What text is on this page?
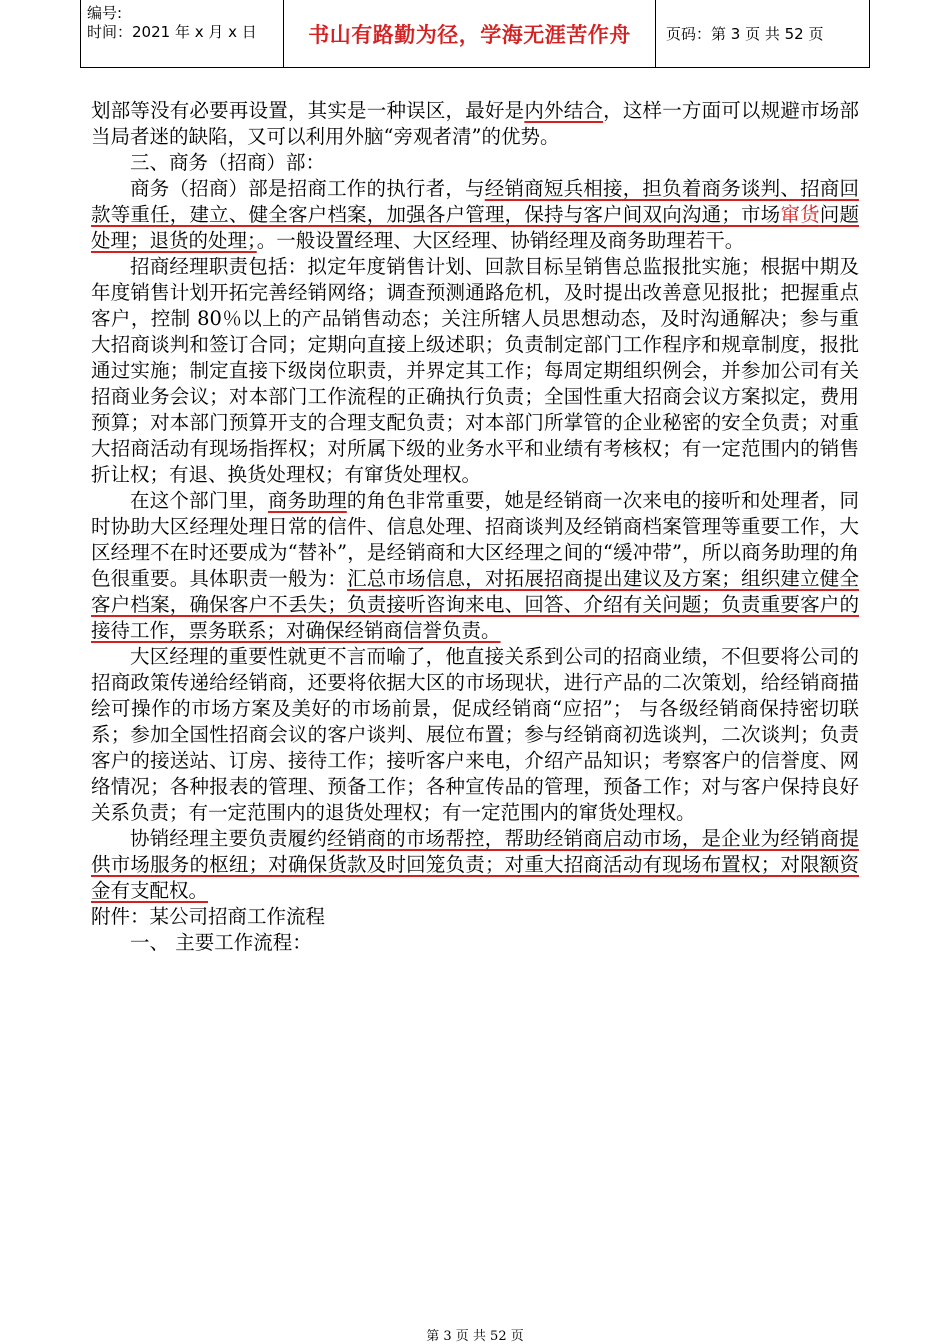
编号:
时间：2021 年 x 月 x 日	书山有路勤为径，学海无涯苦作舟 页码：第 3 页 共 52 页

划部等没有必要再设置，其实是一种误区，最好是内外结合，这样一方面可以规避市场部当局者迷的缺陷，又可以利用外脑“旁观者清”的优势。

三、商务（招商）部：

商务（招商）部是招商工作的执行者，与经销商短兵相接，担负着商务谈判、招商回款等重任，建立、健全客户档案，加强各户管理，保持与客户间双向沟通；市场窜货问题处理；退货的处理；。一般设置经理、大区经理、协销经理及商务助理若干。

招商经理职责包括：拟定年度销售计划、回款目标呈销售总监报批实施；根据中期及年度销售计划开拓完善经销网络；调查预测通路危机，及时提出改善意见报批；把握重点客户，控制 80％以上的产品销售动态；关注所辖人员思想动态，及时沟通解决；参与重大招商谈判和签订合同；定期向直接上级述职；负责制定部门工作程序和规章制度，报批通过实施；制定直接下级岗位职责，并界定其工作；每周定期组织例会，并参加公司有关招商业务会议；对本部门工作流程的正确执行负责；全国性重大招商会议方案拟定，费用预算；对本部门预算开支的合理支配负责；对本部门所掌管的企业秘密的安全负责；对重大招商活动有现场指挥权；对所属下级的业务水平和业绩有考核权；有一定范围内的销售折让权；有退、换货处理权；有窜货处理权。

在这个部门里，商务助理的角色非常重要，她是经销商一次来电的接听和处理者，同时协助大区经理处理日常的信件、信息处理、招商谈判及经销商档案管理等重要工作，大区经理不在时还要成为“替补”，是经销商和大区经理之间的“缓冲带”，所以商务助理的角色很重要。具体职责一般为：汇总市场信息，对拓展招商提出建议及方案；组织建立健全客户档案，确保客户不丢失；负责接听咨询来电、回答、介绍有关问题；负责重要客户的接待工作，票务联系；对确保经销商信誉负责。

大区经理的重要性就更不言而喻了，他直接关系到公司的招商业绩，不但要将公司的招商政策传递给经销商，还要将依据大区的市场现状，进行产品的二次策划，给经销商描绘可操作的市场方案及美好的市场前景，促成经销商“应招”； 与各级经销商保持密切联系；参加全国性招商会议的客户谈判、展位布置；参与经销商初选谈判，二次谈判；负责客户的接送站、订房、接待工作；接听客户来电，介绍产品知识；考察客户的信誉度、网络情况；各种报表的管理、预备工作；各种宣传品的管理，预备工作；对与客户保持良好关系负责；有一定范围内的退货处理权；有一定范围内的窜货处理权。

协销经理主要负责履约经销商的市场帮控，帮助经销商启动市场，是企业为经销商提供市场服务的枢纽；对确保货款及时回笼负责；对重大招商活动有现场布置权；对限额资金有支配权。

附件：某公司招商工作流程

一、 主要工作流程：

第 3 页 共 52 页
